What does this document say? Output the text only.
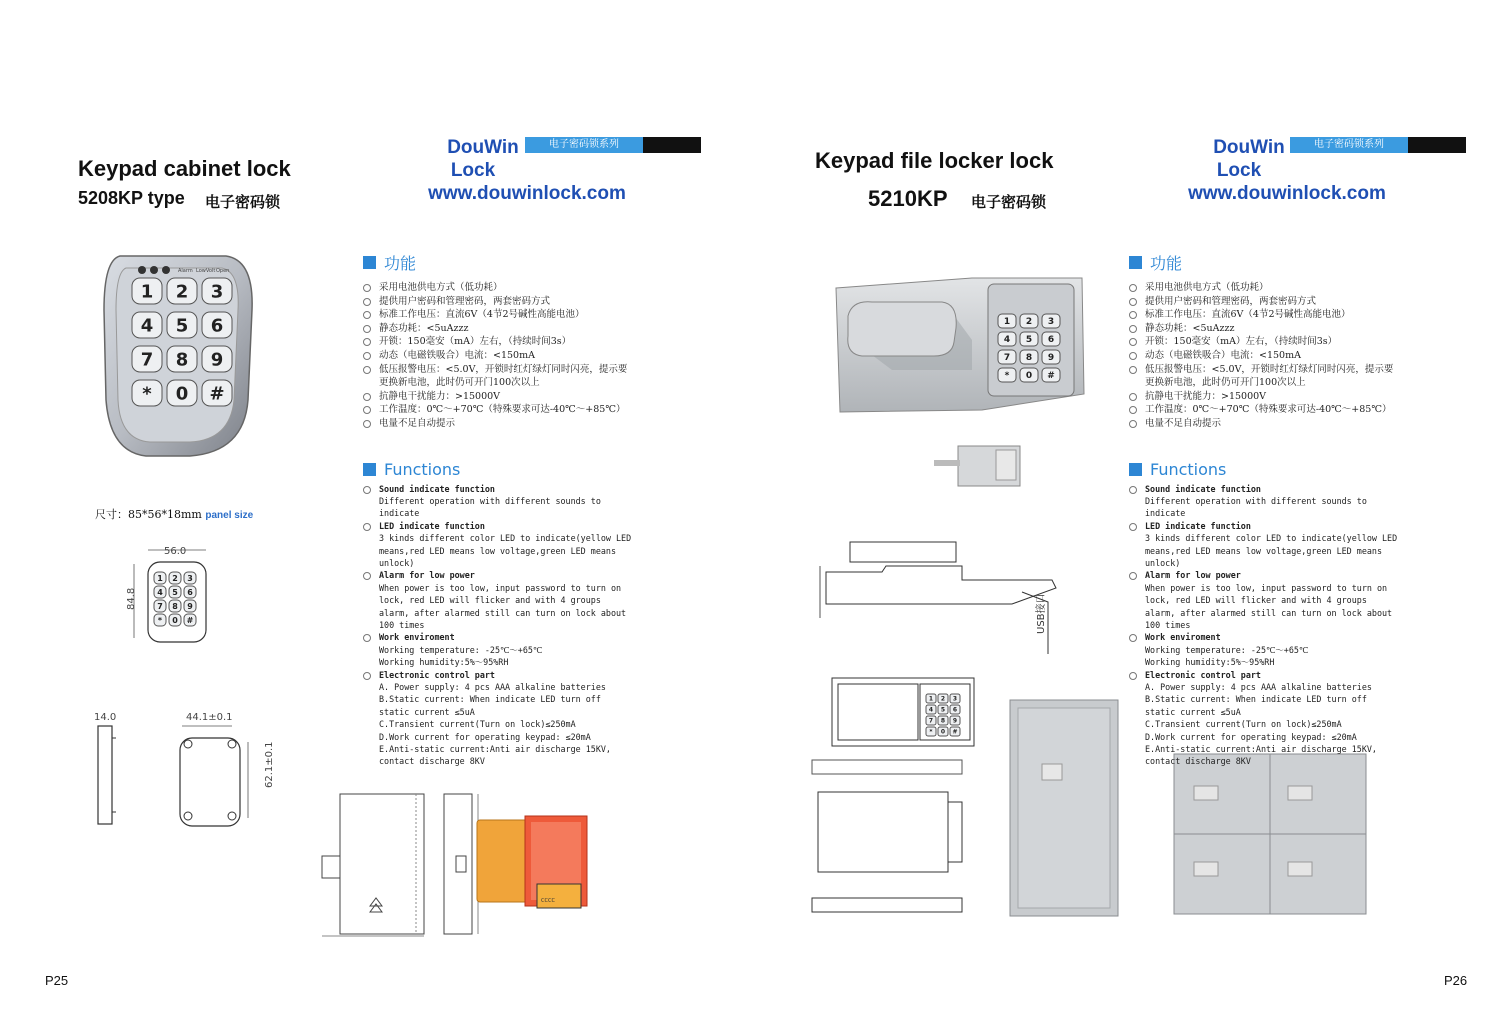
Keypad cabinet lock
5208KP type 电子密码锁
DouWin
Lock
www.douwinlock.com
电子密码锁系列
Alarm LowVolt Open
1 2 3
4 5 6
7 8 9
* 0 #
尺寸：85*56*18mm panel size
56.0
84.8
1 2 3
4 5 6
7 8 9
* 0 #
14.0	44.1±0.1
62.1±0.1
CCCC
P25
功能
采用电池供电方式（低功耗）
提供用户密码和管理密码，两套密码方式
标准工作电压：直流6V（4节2号碱性高能电池）
静态功耗：<5uAzzz
开锁：150毫安（mA）左右，（持续时间3s）
动态（电磁铁吸合）电流：<150mA
低压报警电压：<5.0V，开锁时红灯绿灯同时闪亮，提示要更换新电池，此时仍可开门100次以上
抗静电干扰能力：>15000V
工作温度：0℃～+70℃（特殊要求可达-40℃～+85℃）
电量不足自动提示
Functions
Sound indicate function
Different operation with different sounds to indicate
LED indicate function
3 kinds different color LED to indicate(yellow LED means,red LED means low voltage,green LED means unlock)
Alarm for low power
When power is too low, input password to turn on lock, red LED will flicker and with 4 groups alarm, after alarmed still can turn on lock about 100 times
Work enviroment
Working temperature: -25℃～+65℃
Working humidity:5%～95%RH
Electronic control part
A. Power supply: 4 pcs AAA alkaline batteries
B.Static current: When indicate LED turn off static current ≤5uA
C.Transient current(Turn on lock)≤250mA
D.Work current for operating keypad: ≤20mA
E.Anti-static current:Anti air discharge 15KV, contact discharge 8KV
Keypad file locker lock
5210KP 电子密码锁
DouWin
Lock
www.douwinlock.com
电子密码锁系列
1 2 3
4 5 6
7 8 9
* 0 #
USB接口
1 2 3
4 5 6
7 8 9
* 0 #
P26
功能
采用电池供电方式（低功耗）
提供用户密码和管理密码，两套密码方式
标准工作电压：直流6V（4节2号碱性高能电池）
静态功耗：<5uAzzz
开锁：150毫安（mA）左右，（持续时间3s）
动态（电磁铁吸合）电流：<150mA
低压报警电压：<5.0V，开锁时红灯绿灯同时闪亮，提示要更换新电池，此时仍可开门100次以上
抗静电干扰能力：>15000V
工作温度：0℃～+70℃（特殊要求可达-40℃～+85℃）
电量不足自动提示
Functions
Sound indicate function
Different operation with different sounds to indicate
LED indicate function
3 kinds different color LED to indicate(yellow LED means,red LED means low voltage,green LED means unlock)
Alarm for low power
When power is too low, input password to turn on lock, red LED will flicker and with 4 groups alarm, after alarmed still can turn on lock about 100 times
Work enviroment
Working temperature: -25℃～+65℃
Working humidity:5%～95%RH
Electronic control part
A. Power supply: 4 pcs AAA alkaline batteries
B.Static current: When indicate LED turn off static current ≤5uA
C.Transient current(Turn on lock)≤250mA
D.Work current for operating keypad: ≤20mA
E.Anti-static current:Anti air discharge 15KV, contact discharge 8KV
